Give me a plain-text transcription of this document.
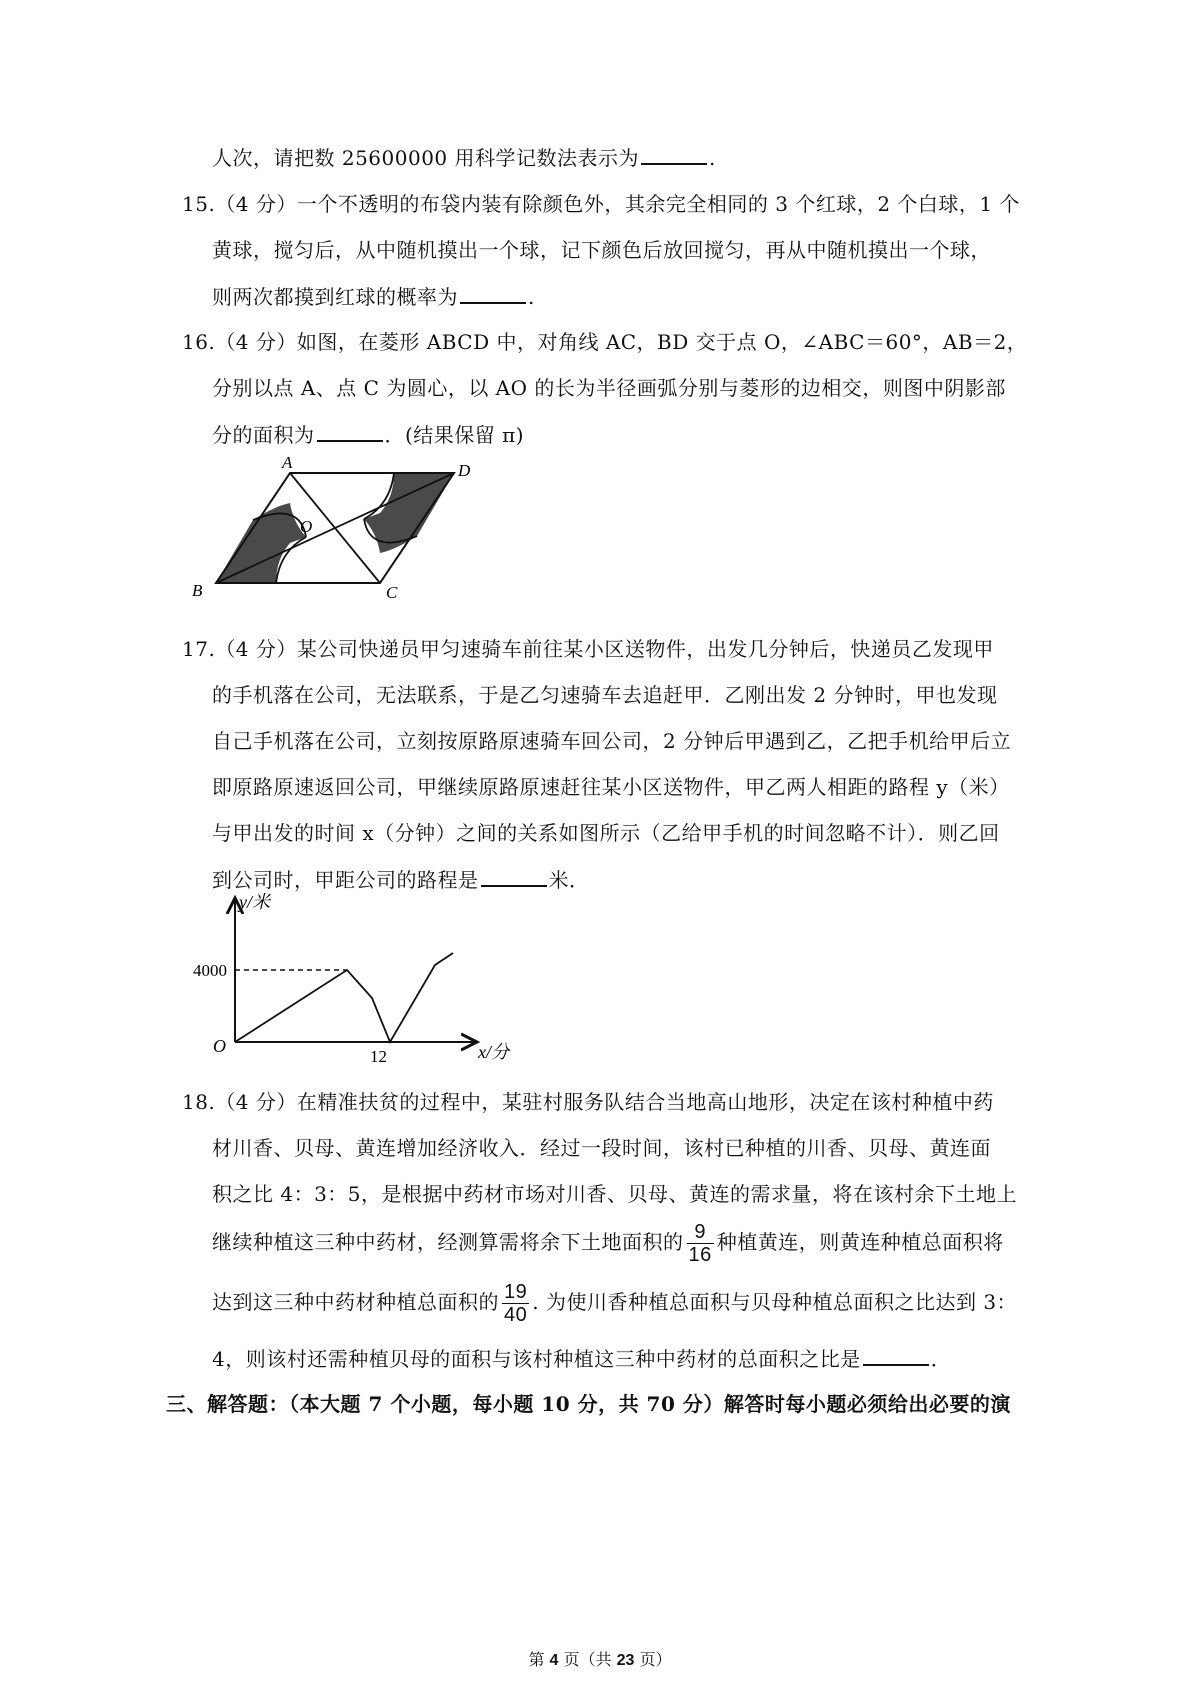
人次，请把数 25600000 用科学记数法表示为	.
15.（4 分）一个不透明的布袋内装有除颜色外，其余完全相同的 3 个红球，2 个白球，1 个
黄球，搅匀后，从中随机摸出一个球，记下颜色后放回搅匀，再从中随机摸出一个球，
则两次都摸到红球的概率为	.
16.（4 分）如图，在菱形 ABCD 中，对角线 AC，BD 交于点 O，∠ABC＝60°，AB＝2，
分别以点 A、点 C 为圆心，以 AO 的长为半径画弧分别与菱形的边相交，则图中阴影部
分的面积为	．(结果保留 π)
A	D
O
B	C
17.（4 分）某公司快递员甲匀速骑车前往某小区送物件，出发几分钟后，快递员乙发现甲
的手机落在公司，无法联系，于是乙匀速骑车去追赶甲．乙刚出发 2 分钟时，甲也发现
自己手机落在公司，立刻按原路原速骑车回公司，2 分钟后甲遇到乙，乙把手机给甲后立
即原路原速返回公司，甲继续原路原速赶往某小区送物件，甲乙两人相距的路程 y（米）
与甲出发的时间 x（分钟）之间的关系如图所示（乙给甲手机的时间忽略不计）．则乙回
到公司时，甲距公司的路程是	米．
y/米
4000
O
12	x/分
18.（4 分）在精准扶贫的过程中，某驻村服务队结合当地高山地形，决定在该村种植中药
材川香、贝母、黄连增加经济收入．经过一段时间，该村已种植的川香、贝母、黄连面
积之比 4：3：5，是根据中药材市场对川香、贝母、黄连的需求量，将在该村余下土地上
继续种植这三种中药材，经测算需将余下土地面积的 $\frac{9}{16}$ 种植黄连，则黄连种植总面积将
达到这三种中药材种植总面积的 $\frac{19}{40}$ . 为使川香种植总面积与贝母种植总面积之比达到 3：
4，则该村还需种植贝母的面积与该村种植这三种中药材的总面积之比是	．
三、解答题：（本大题 7 个小题，每小题 10 分，共 70 分）解答时每小题必须给出必要的演
第 4 页（共 23 页）
